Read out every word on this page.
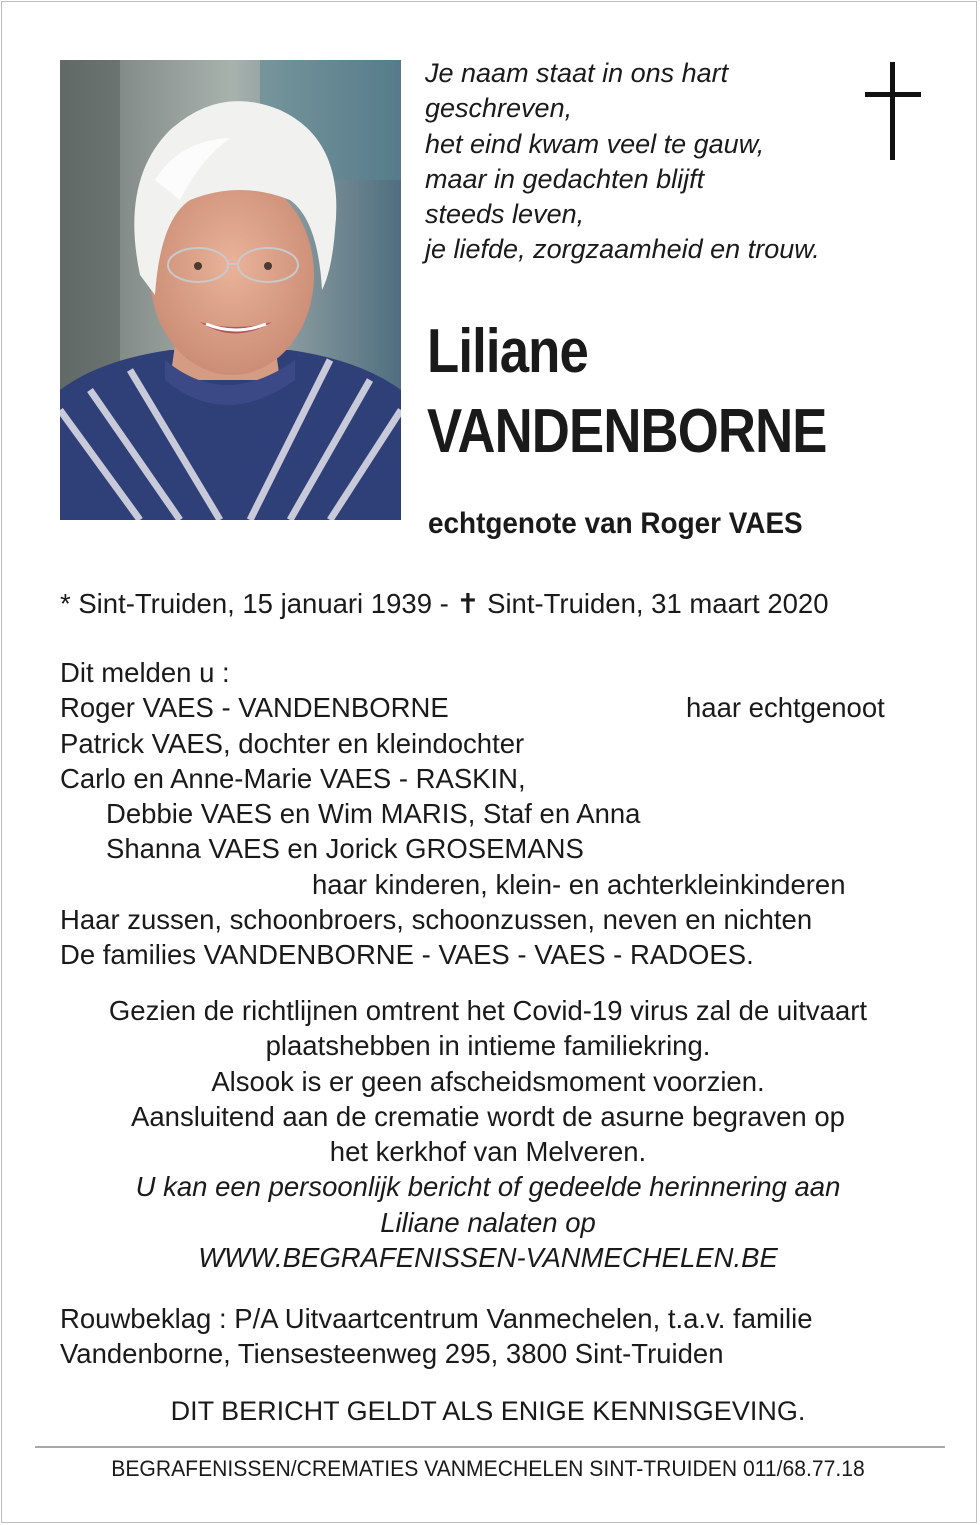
Je naam staat in ons hart
geschreven,
het eind kwam veel te gauw,
maar in gedachten blijft
steeds leven,
je liefde, zorgzaamheid en trouw.
Liliane
VANDENBORNE
echtgenote van Roger VAES
* Sint-Truiden, 15 januari 1939 - ✝ Sint-Truiden, 31 maart 2020
Dit melden u :
Roger VAES - VANDENBORNE	haar echtgenoot
Patrick VAES, dochter en kleindochter
Carlo en Anne-Marie VAES - RASKIN,
Debbie VAES en Wim MARIS, Staf en Anna
Shanna VAES en Jorick GROSEMANS
haar kinderen, klein- en achterkleinkinderen
Haar zussen, schoonbroers, schoonzussen, neven en nichten
De families VANDENBORNE - VAES - VAES - RADOES.
Gezien de richtlijnen omtrent het Covid-19 virus zal de uitvaart
plaatshebben in intieme familiekring.
Alsook is er geen afscheidsmoment voorzien.
Aansluitend aan de crematie wordt de asurne begraven op
het kerkhof van Melveren.
U kan een persoonlijk bericht of gedeelde herinnering aan
Liliane nalaten op
WWW.BEGRAFENISSEN-VANMECHELEN.BE
Rouwbeklag : P/A Uitvaartcentrum Vanmechelen, t.a.v. familie
Vandenborne, Tiensesteenweg 295, 3800 Sint-Truiden
DIT BERICHT GELDT ALS ENIGE KENNISGEVING.
BEGRAFENISSEN/CREMATIES VANMECHELEN SINT-TRUIDEN 011/68.77.18
